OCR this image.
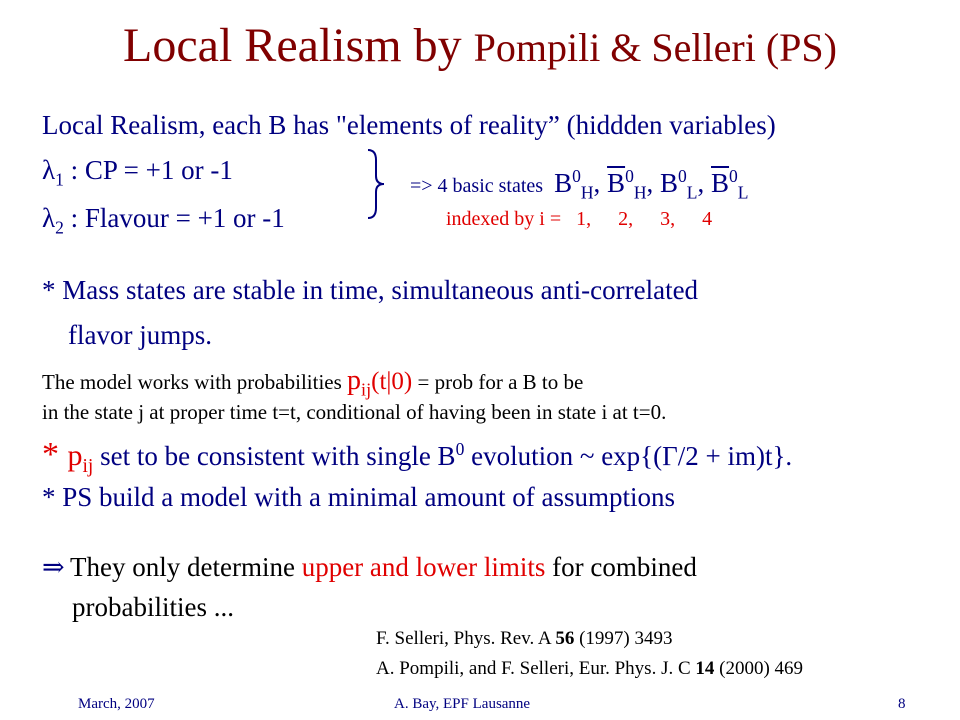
Local Realism by Pompili & Selleri (PS)
Local Realism, each B has "elements of reality” (hiddden variables)
$\lambda_1$ : CP = +1 or -1
$\lambda_2$ : Flavour = +1 or -1
=> 4 basic states $B^0_H$, $\overline{B}^0_H$, $B^0_L$, $\overline{B}^0_L$
indexed by i = 1, 2, 3, 4
* Mass states are stable in time, simultaneous anti-correlated
flavor jumps.
The model works with probabilities $p_{ij}(t|0)$ = prob for a B to be
in the state j at proper time t=t, conditional of having been in state i at t=0.
* $p_{ij}$ set to be consistent with single $B^0$ evolution ~ exp{(Γ/2 + im)t}.
* PS build a model with a minimal amount of assumptions
⇒ They only determine upper and lower limits for combined
probabilities ...
F. Selleri, Phys. Rev. A 56 (1997) 3493
A. Pompili, and F. Selleri, Eur. Phys. J. C 14 (2000) 469
March, 2007	A. Bay, EPF Lausanne	8
